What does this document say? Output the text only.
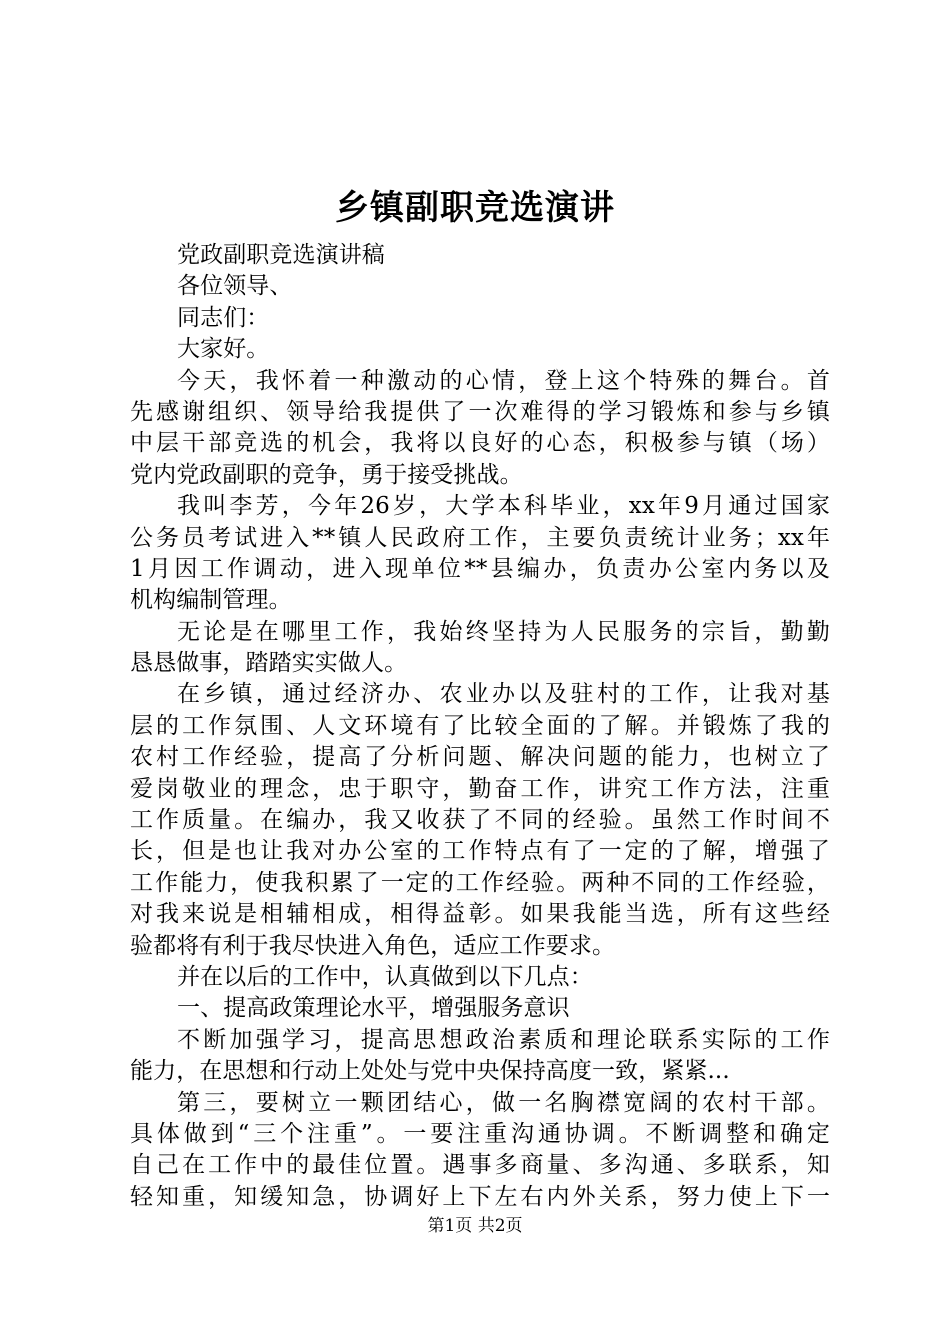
乡镇副职竞选演讲
党政副职竞选演讲稿
各位领导、
同志们：
大家好。
今天，我怀着一种激动的心情，登上这个特殊的舞台。首
先感谢组织、领导给我提供了一次难得的学习锻炼和参与乡镇
中层干部竞选的机会，我将以良好的心态，积极参与镇（场）
党内党政副职的竞争，勇于接受挑战。
我叫李芳，今年26岁，大学本科毕业，xx年9月通过国家
公务员考试进入**镇人民政府工作，主要负责统计业务；xx年
1月因工作调动，进入现单位**县编办，负责办公室内务以及
机构编制管理。
无论是在哪里工作，我始终坚持为人民服务的宗旨，勤勤
恳恳做事，踏踏实实做人。
在乡镇，通过经济办、农业办以及驻村的工作，让我对基
层的工作氛围、人文环境有了比较全面的了解。并锻炼了我的
农村工作经验，提高了分析问题、解决问题的能力，也树立了
爱岗敬业的理念，忠于职守，勤奋工作，讲究工作方法，注重
工作质量。在编办，我又收获了不同的经验。虽然工作时间不
长，但是也让我对办公室的工作特点有了一定的了解，增强了
工作能力，使我积累了一定的工作经验。两种不同的工作经验，
对我来说是相辅相成，相得益彰。如果我能当选，所有这些经
验都将有利于我尽快进入角色，适应工作要求。
并在以后的工作中，认真做到以下几点：
一、提高政策理论水平，增强服务意识
不断加强学习，提高思想政治素质和理论联系实际的工作
能力，在思想和行动上处处与党中央保持高度一致，紧紧...
第三，要树立一颗团结心，做一名胸襟宽阔的农村干部。
具体做到“三个注重”。一要注重沟通协调。不断调整和确定
自己在工作中的最佳位置。遇事多商量、多沟通、多联系，知
轻知重，知缓知急，协调好上下左右内外关系，努力使上下一
第1页 共2页
